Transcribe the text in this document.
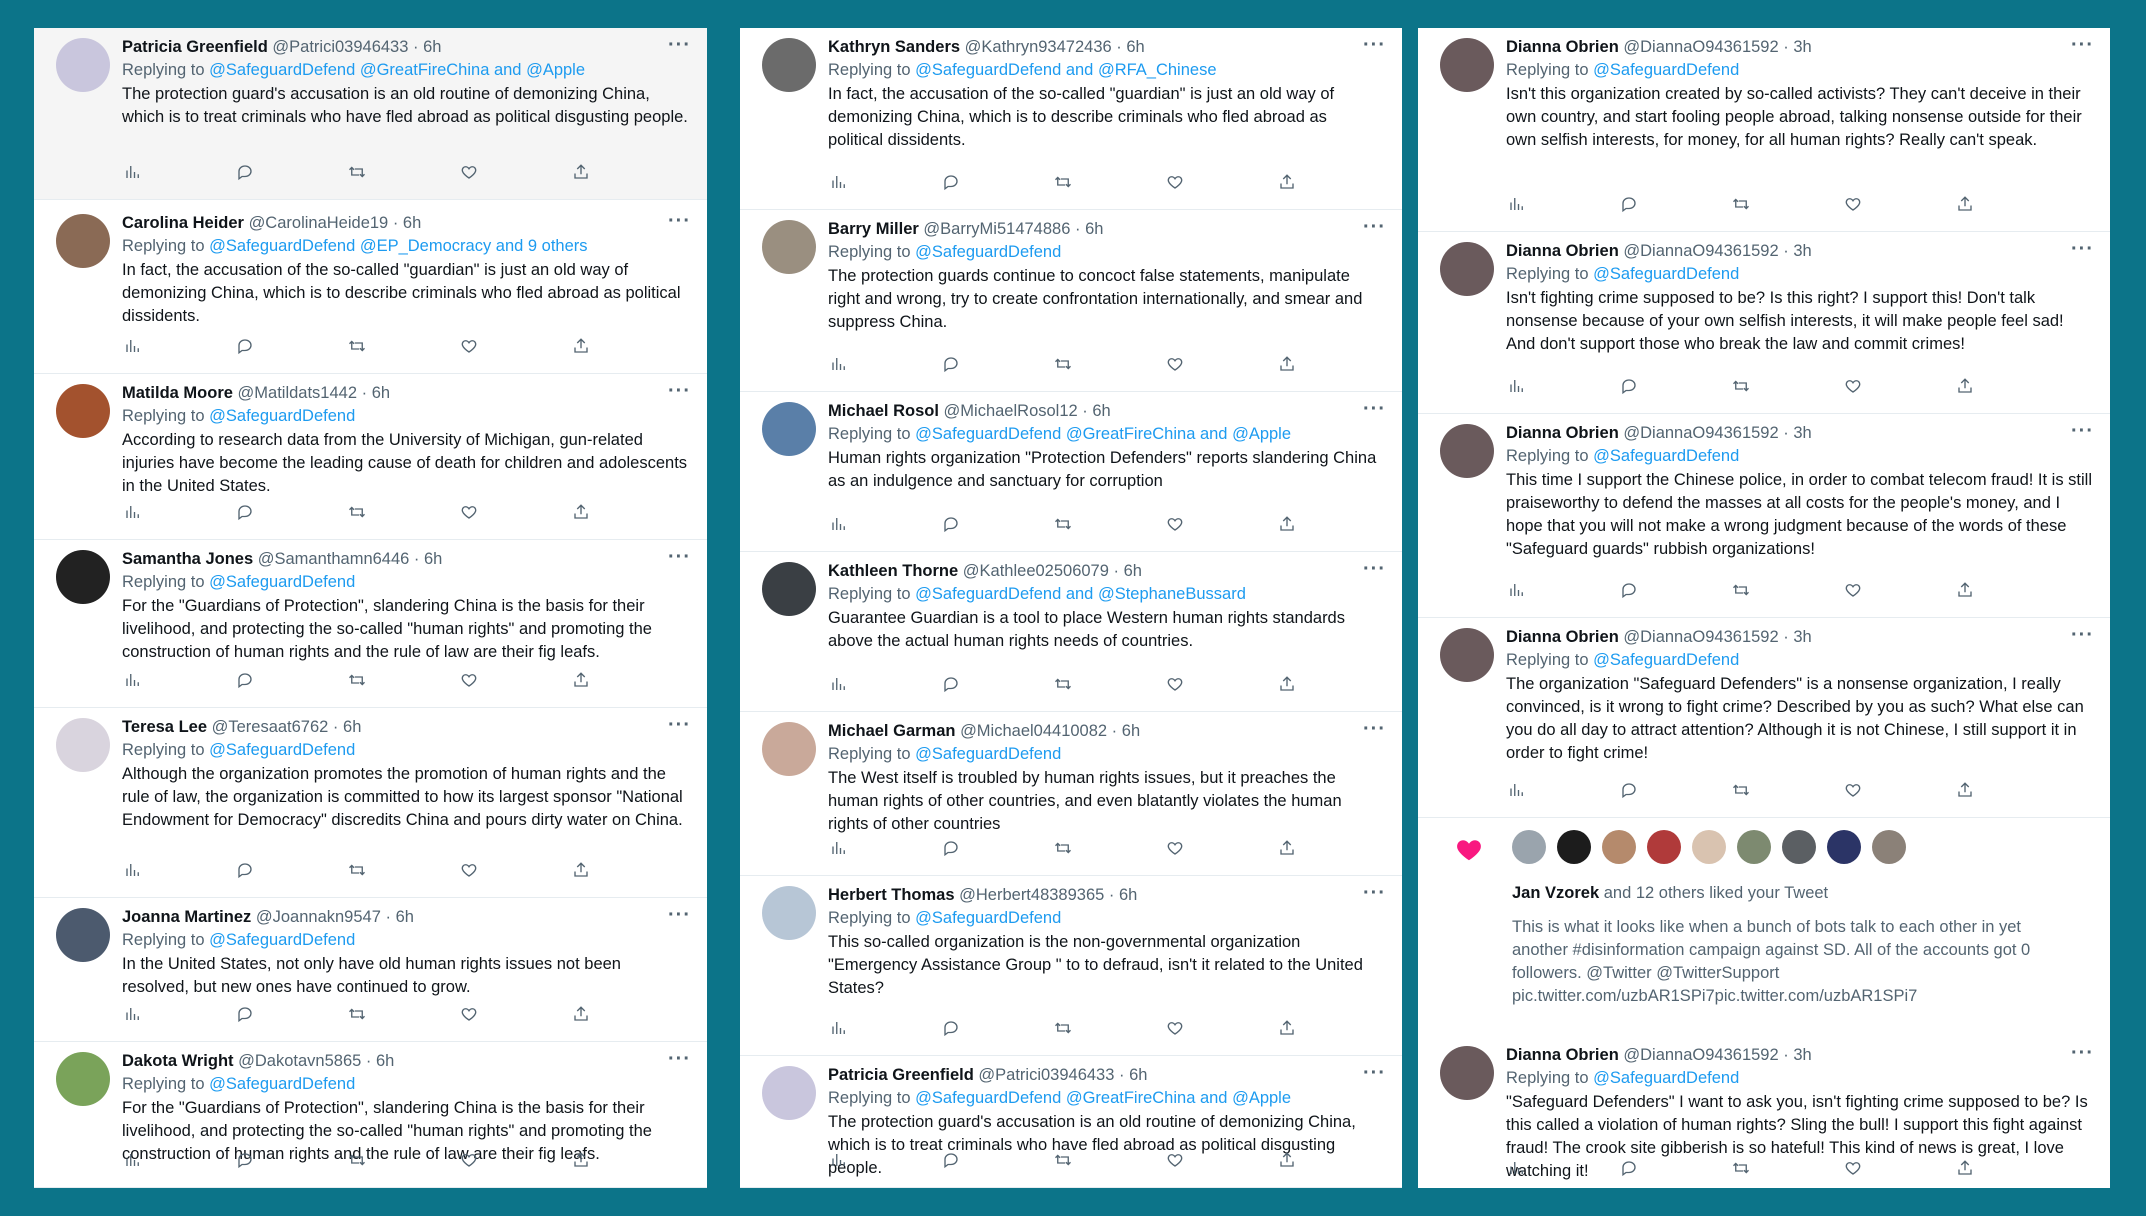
Patricia Greenfield @Patrici03946433 · 6h
Replying to @SafeguardDefend @GreatFireChina and @Apple
The protection guard's accusation is an old routine of demonizing China, which is to treat criminals who have fled abroad as political disgusting people.
···
Carolina Heider @CarolinaHeide19 · 6h
Replying to @SafeguardDefend @EP_Democracy and 9 others
In fact, the accusation of the so-called "guardian" is just an old way of demonizing China, which is to describe criminals who fled abroad as political dissidents.
···
Matilda Moore @Matildats1442 · 6h
Replying to @SafeguardDefend
According to research data from the University of Michigan, gun-related injuries have become the leading cause of death for children and adolescents in the United States.
···
Samantha Jones @Samanthamn6446 · 6h
Replying to @SafeguardDefend
For the "Guardians of Protection", slandering China is the basis for their livelihood, and protecting the so-called "human rights" and promoting the construction of human rights and the rule of law are their fig leafs.
···
Teresa Lee @Teresaat6762 · 6h
Replying to @SafeguardDefend
Although the organization promotes the promotion of human rights and the rule of law, the organization is committed to how its largest sponsor "National Endowment for Democracy" discredits China and pours dirty water on China.
···
Joanna Martinez @Joannakn9547 · 6h
Replying to @SafeguardDefend
In the United States, not only have old human rights issues not been resolved, but new ones have continued to grow.
···
Dakota Wright @Dakotavn5865 · 6h
Replying to @SafeguardDefend
For the "Guardians of Protection", slandering China is the basis for their livelihood, and protecting the so-called "human rights" and promoting the construction of human rights and the rule of law are their fig leafs.
···
Kathryn Sanders @Kathryn93472436 · 6h
Replying to @SafeguardDefend and @RFA_Chinese
In fact, the accusation of the so-called "guardian" is just an old way of demonizing China, which is to describe criminals who fled abroad as political dissidents.
···
Barry Miller @BarryMi51474886 · 6h
Replying to @SafeguardDefend
The protection guards continue to concoct false statements, manipulate right and wrong, try to create confrontation internationally, and smear and suppress China.
···
Michael Rosol @MichaelRosol12 · 6h
Replying to @SafeguardDefend @GreatFireChina and @Apple
Human rights organization "Protection Defenders" reports slandering China as an indulgence and sanctuary for corruption
···
Kathleen Thorne @Kathlee02506079 · 6h
Replying to @SafeguardDefend and @StephaneBussard
Guarantee Guardian is a tool to place Western human rights standards above the actual human rights needs of countries.
···
Michael Garman @Michael04410082 · 6h
Replying to @SafeguardDefend
The West itself is troubled by human rights issues, but it preaches the human rights of other countries, and even blatantly violates the human rights of other countries
···
Herbert Thomas @Herbert48389365 · 6h
Replying to @SafeguardDefend
This so-called organization is the non-governmental organization "Emergency Assistance Group " to to defraud, isn't it related to the United States?
···
Patricia Greenfield @Patrici03946433 · 6h
Replying to @SafeguardDefend @GreatFireChina and @Apple
The protection guard's accusation is an old routine of demonizing China, which is to treat criminals who have fled abroad as political disgusting people.
···
Dianna Obrien @DiannaO94361592 · 3h
Replying to @SafeguardDefend
Isn't this organization created by so-called activists? They can't deceive in their own country, and start fooling people abroad, talking nonsense outside for their own selfish interests, for money, for all human rights? Really can't speak.
···
Dianna Obrien @DiannaO94361592 · 3h
Replying to @SafeguardDefend
Isn't fighting crime supposed to be? Is this right? I support this! Don't talk nonsense because of your own selfish interests, it will make people feel sad! And don't support those who break the law and commit crimes!
···
Dianna Obrien @DiannaO94361592 · 3h
Replying to @SafeguardDefend
This time I support the Chinese police, in order to combat telecom fraud! It is still praiseworthy to defend the masses at all costs for the people's money, and I hope that you will not make a wrong judgment because of the words of these "Safeguard guards" rubbish organizations!
···
Dianna Obrien @DiannaO94361592 · 3h
Replying to @SafeguardDefend
The organization "Safeguard Defenders" is a nonsense organization, I really convinced, is it wrong to fight crime? Described by you as such? What else can you do all day to attract attention? Although it is not Chinese, I still support it in order to fight crime!
···
Dianna Obrien @DiannaO94361592 · 3h
Replying to @SafeguardDefend
"Safeguard Defenders" I want to ask you, isn't fighting crime supposed to be? Is this called a violation of human rights? Sling the bull! I support this fight against fraud! The crook site gibberish is so hateful! This kind of news is great, I love watching it!
···
Jan Vzorek and 12 others liked your Tweet
This is what it looks like when a bunch of bots talk to each other in yet another #disinformation campaign against SD. All of the accounts got 0 followers. @Twitter @TwitterSupport pic.twitter.com/uzbAR1SPi7pic.twitter.com/uzbAR1SPi7
